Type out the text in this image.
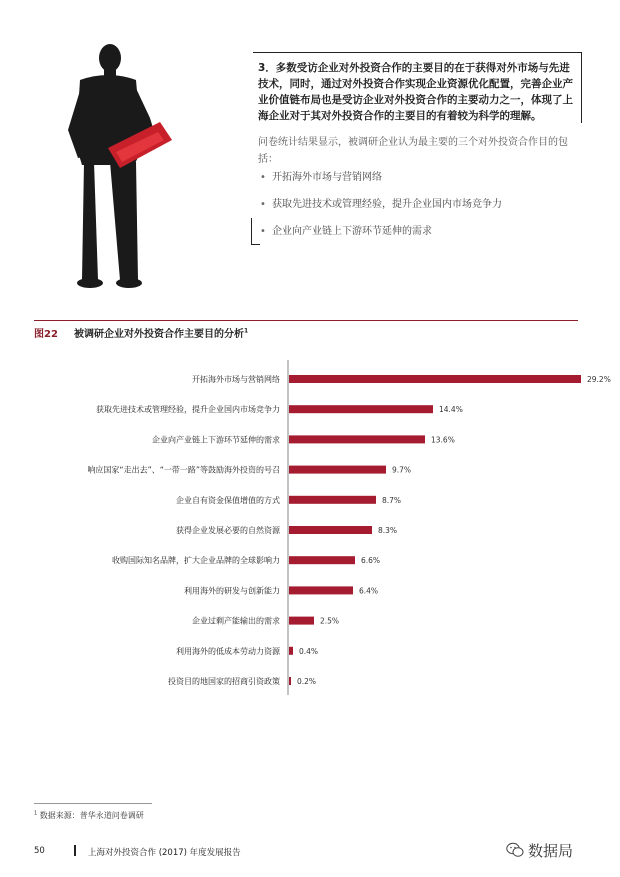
3．多数受访企业对外投资合作的主要目的在于获得对外市场与先进技术，同时，通过对外投资合作实现企业资源优化配置，完善企业产业价值链布局也是受访企业对外投资合作的主要动力之一，体现了上海企业对于其对外投资合作的主要目的有着较为科学的理解。
问卷统计结果显示，被调研企业认为最主要的三个对外投资合作目的包括：
• 开拓海外市场与营销网络
• 获取先进技术或管理经验，提升企业国内市场竞争力
• 企业向产业链上下游环节延伸的需求
图22 被调研企业对外投资合作主要目的分析$^1$
开拓海外市场与营销网络	29.2%
获取先进技术或管理经验，提升企业国内市场竞争力	14.4%
企业向产业链上下游环节延伸的需求	13.6%
响应国家“走出去”、“一带一路”等鼓励海外投资的号召	9.7%
企业自有资金保值增值的方式	8.7%
获得企业发展必要的自然资源	8.3%
收购国际知名品牌，扩大企业品牌的全球影响力	6.6%
利用海外的研发与创新能力	6.4%
企业过剩产能输出的需求	2.5%
利用海外的低成本劳动力资源	0.4%
投资目的地国家的招商引资政策 0.2%
$^1$ 数据来源：普华永道问卷调研
50	上海对外投资合作 (2017) 年度发展报告	数据局
